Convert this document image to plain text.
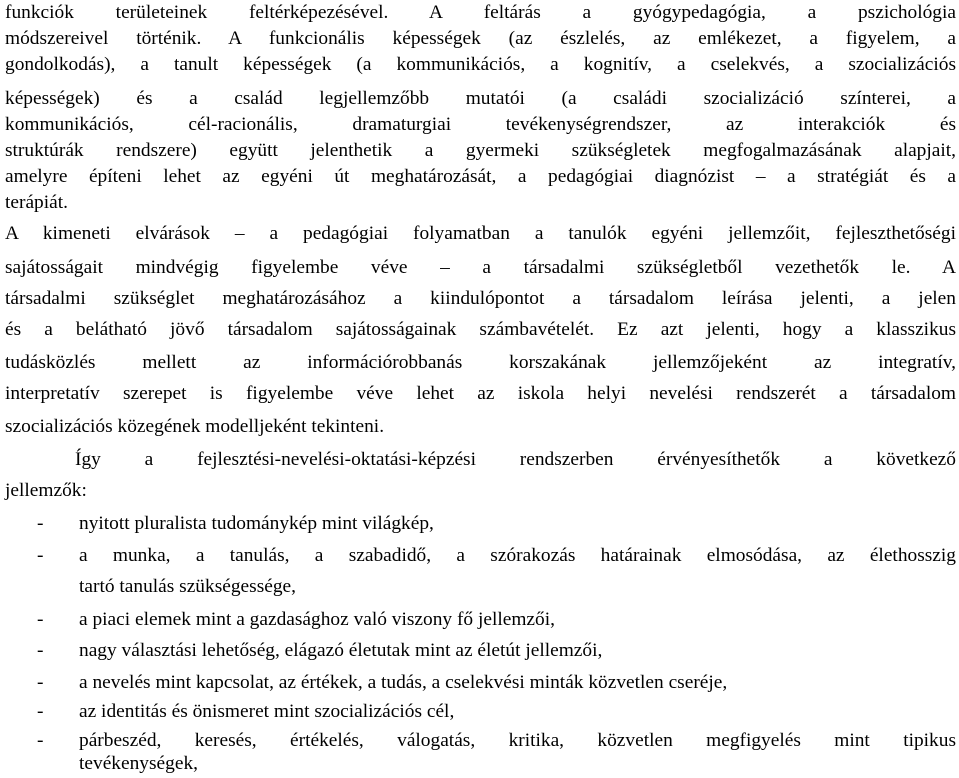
funkciók területeinek feltérképezésével. A feltárás a gyógypedagógia, a pszichológia
módszereivel történik. A funkcionális képességek (az észlelés, az emlékezet, a figyelem, a
gondolkodás), a tanult képességek (a kommunikációs, a kognitív, a cselekvés, a szocializációs
képességek) és a család legjellemzőbb mutatói (a családi szocializáció színterei, a
kommunikációs, cél-racionális, dramaturgiai tevékenységrendszer, az interakciók és
struktúrák rendszere) együtt jelenthetik a gyermeki szükségletek megfogalmazásának alapjait,
amelyre építeni lehet az egyéni út meghatározását, a pedagógiai diagnózist – a stratégiát és a
terápiát.
A kimeneti elvárások – a pedagógiai folyamatban a tanulók egyéni jellemzőit, fejleszthetőségi
sajátosságait mindvégig figyelembe véve – a társadalmi szükségletből vezethetők le. A
társadalmi szükséglet meghatározásához a kiindulópontot a társadalom leírása jelenti, a jelen
és a belátható jövő társadalom sajátosságainak számbavételét. Ez azt jelenti, hogy a klasszikus
tudásközlés mellett az információrobbanás korszakának jellemzőjeként az integratív,
interpretatív szerepet is figyelembe véve lehet az iskola helyi nevelési rendszerét a társadalom
szocializációs közegének modelljeként tekinteni.
Így a fejlesztési-nevelési-oktatási-képzési rendszerben érvényesíthetők a következő
jellemzők:
- nyitott pluralista tudománykép mint világkép,
- a munka, a tanulás, a szabadidő, a szórakozás határainak elmosódása, az élethosszig
tartó tanulás szükségessége,
- a piaci elemek mint a gazdasághoz való viszony fő jellemzői,
- nagy választási lehetőség, elágazó életutak mint az életút jellemzői,
- a nevelés mint kapcsolat, az értékek, a tudás, a cselekvési minták közvetlen cseréje,
- az identitás és önismeret mint szocializációs cél,
- párbeszéd, keresés, értékelés, válogatás, kritika, közvetlen megfigyelés mint tipikus
tevékenységek,
